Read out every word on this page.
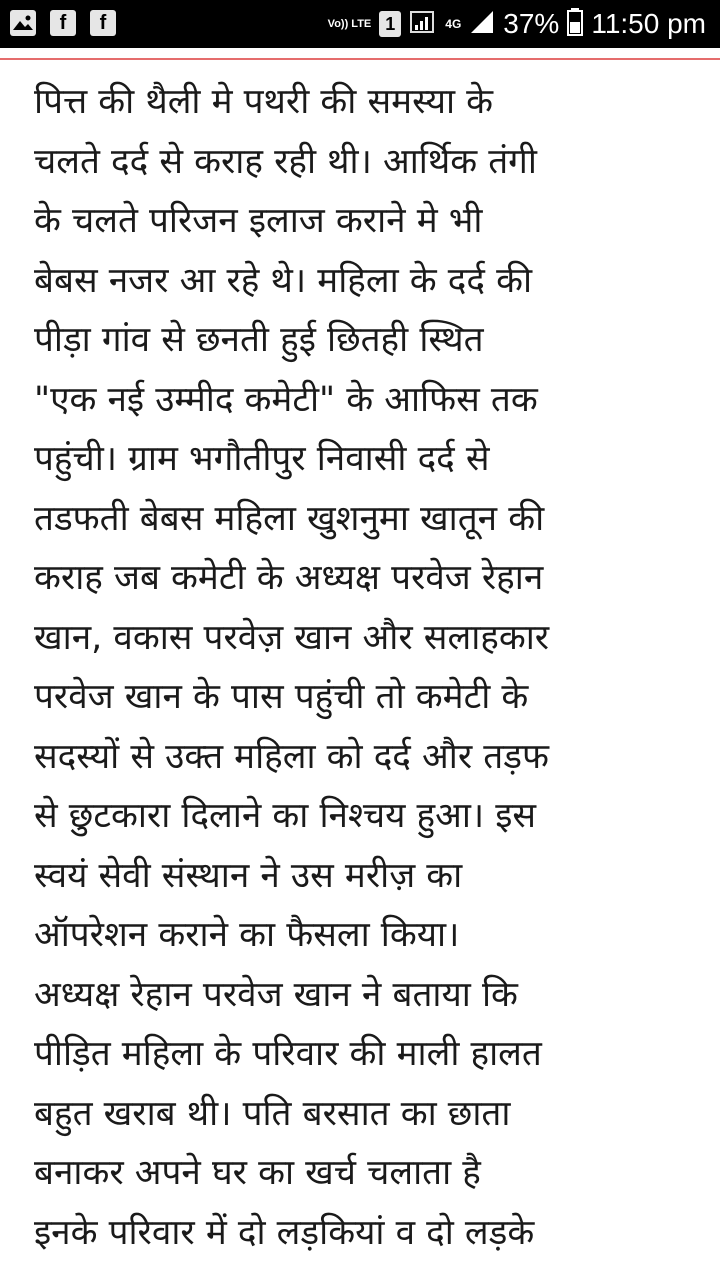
पित्त की थैली मे पथरी की समस्या के
चलते दर्द से कराह रही थी। आर्थिक तंगी
के चलते परिजन इलाज कराने मे भी
बेबस नजर आ रहे थे। महिला के दर्द की
पीड़ा गांव से छनती हुई छितही स्थित
"एक नई उम्मीद कमेटी" के आफिस तक
पहुंची। ग्राम भगौतीपुर निवासी दर्द से
तडफती बेबस महिला खुशनुमा खातून की
कराह जब कमेटी के अध्यक्ष परवेज रेहान
खान, वकास परवेज़ खान और सलाहकार
परवेज खान के पास पहुंची तो कमेटी के
सदस्यों से उक्त महिला को दर्द और तड़फ
से छुटकारा दिलाने का निश्चय हुआ। इस
स्वयं सेवी संस्थान ने उस मरीज़ का
ऑपरेशन कराने का फैसला किया।
अध्यक्ष रेहान परवेज खान ने बताया कि
पीड़ित महिला के परिवार की माली हालत
बहुत खराब थी। पति बरसात का छाता
बनाकर अपने घर का खर्च चलाता है
इनके परिवार में दो लड़कियां व दो लड़के
f	f	Vo)) LTE 1	4G 37% 11:50 pm
